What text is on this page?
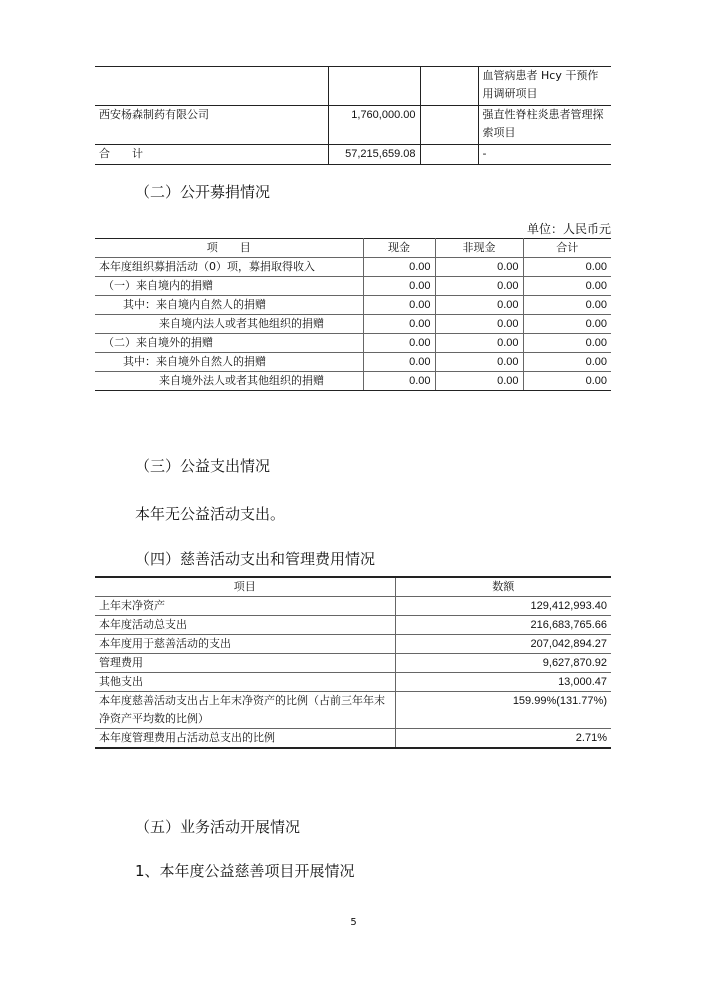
			血管病患者 Hcy 干预作用调研项目
西安杨森制药有限公司	1,760,000.00		强直性脊柱炎患者管理探索项目
合　　计	57,215,659.08		-
（二）公开募捐情况
单位：人民币元
项　　目	现金	非现金	合计
本年度组织募捐活动（0）项，募捐取得收入	0.00	0.00	0.00
（一）来自境内的捐赠	0.00	0.00	0.00
其中：来自境内自然人的捐赠	0.00	0.00	0.00
来自境内法人或者其他组织的捐赠	0.00	0.00	0.00
（二）来自境外的捐赠	0.00	0.00	0.00
其中：来自境外自然人的捐赠	0.00	0.00	0.00
来自境外法人或者其他组织的捐赠	0.00	0.00	0.00
（三）公益支出情况
本年无公益活动支出。
（四）慈善活动支出和管理费用情况
项目	数额
上年末净资产	129,412,993.40
本年度活动总支出	216,683,765.66
本年度用于慈善活动的支出	207,042,894.27
管理费用	9,627,870.92
其他支出	13,000.47
本年度慈善活动支出占上年末净资产的比例（占前三年年末净资产平均数的比例）	159.99%(131.77%)
本年度管理费用占活动总支出的比例	2.71%
（五）业务活动开展情况
1、本年度公益慈善项目开展情况
5
